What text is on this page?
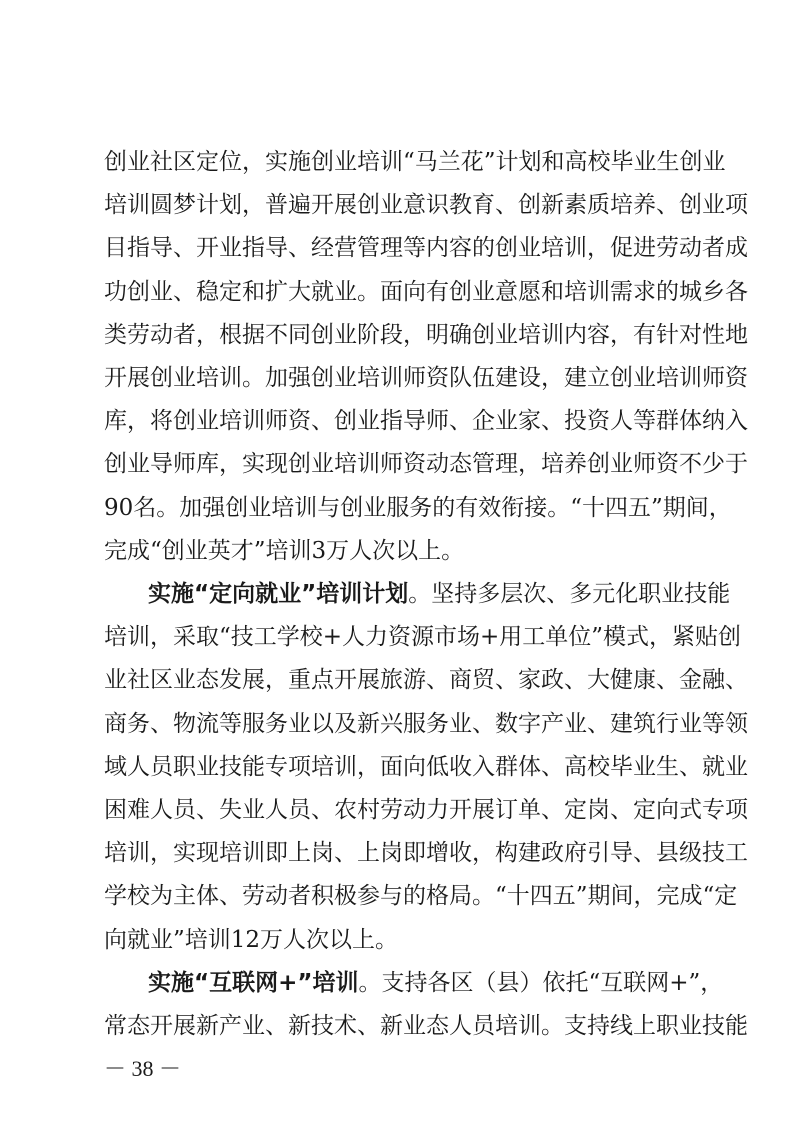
创业社区定位，实施创业培训“马兰花”计划和高校毕业生创业
培训圆梦计划，普遍开展创业意识教育、创新素质培养、创业项
目指导、开业指导、经营管理等内容的创业培训，促进劳动者成
功创业、稳定和扩大就业。面向有创业意愿和培训需求的城乡各
类劳动者，根据不同创业阶段，明确创业培训内容，有针对性地
开展创业培训。加强创业培训师资队伍建设，建立创业培训师资
库，将创业培训师资、创业指导师、企业家、投资人等群体纳入
创业导师库，实现创业培训师资动态管理，培养创业师资不少于
90名。加强创业培训与创业服务的有效衔接。“十四五”期间，
完成“创业英才”培训3万人次以上。
实施“定向就业”培训计划。坚持多层次、多元化职业技能
培训，采取“技工学校+人力资源市场+用工单位”模式，紧贴创
业社区业态发展，重点开展旅游、商贸、家政、大健康、金融、
商务、物流等服务业以及新兴服务业、数字产业、建筑行业等领
域人员职业技能专项培训，面向低收入群体、高校毕业生、就业
困难人员、失业人员、农村劳动力开展订单、定岗、定向式专项
培训，实现培训即上岗、上岗即增收，构建政府引导、县级技工
学校为主体、劳动者积极参与的格局。“十四五”期间，完成“定
向就业”培训12万人次以上。
实施“互联网+”培训。支持各区（县）依托“互联网+”，
常态开展新产业、新技术、新业态人员培训。支持线上职业技能
－ 38 －
